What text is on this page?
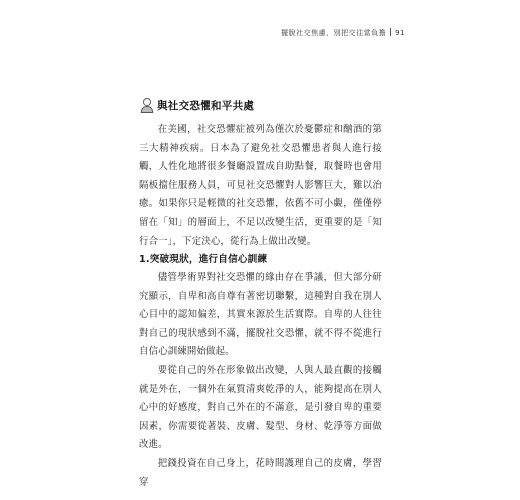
擺脫社交焦慮，別把交往當負擔 91
與社交恐懼和平共處

在美國，社交恐懼症被列為僅次於憂鬱症和酗酒的第三大精神疾病。日本為了避免社交恐懼患者與人進行接觸，人性化地將很多餐廳設置成自助點餐，取餐時也會用隔板擋住服務人員，可見社交恐懼對人影響巨大，難以治癒。如果你只是輕微的社交恐懼，依舊不可小覷，僅僅停留在「知」的層面上，不足以改變生活，更重要的是「知行合一」，下定決心，從行為上做出改變。

1.突破現狀，進行自信心訓練

儘管學術界對社交恐懼的緣由存在爭議，但大部分研究顯示，自卑和高自尊有著密切聯繫，這種對自我在別人心目中的認知偏差，其實來源於生活實際。自卑的人往往對自己的現狀感到不滿，擺脫社交恐懼，就不得不從進行自信心訓練開始做起。

要從自己的外在形象做出改變，人與人最直觀的接觸就是外在，一個外在氣質清爽乾淨的人，能夠提高在別人心中的好感度，對自己外在的不滿意，是引發自卑的重要因素，你需要從著裝、皮膚、髮型、身材、乾淨等方面做改進。

把錢投資在自己身上，花時間護理自己的皮膚，學習穿
